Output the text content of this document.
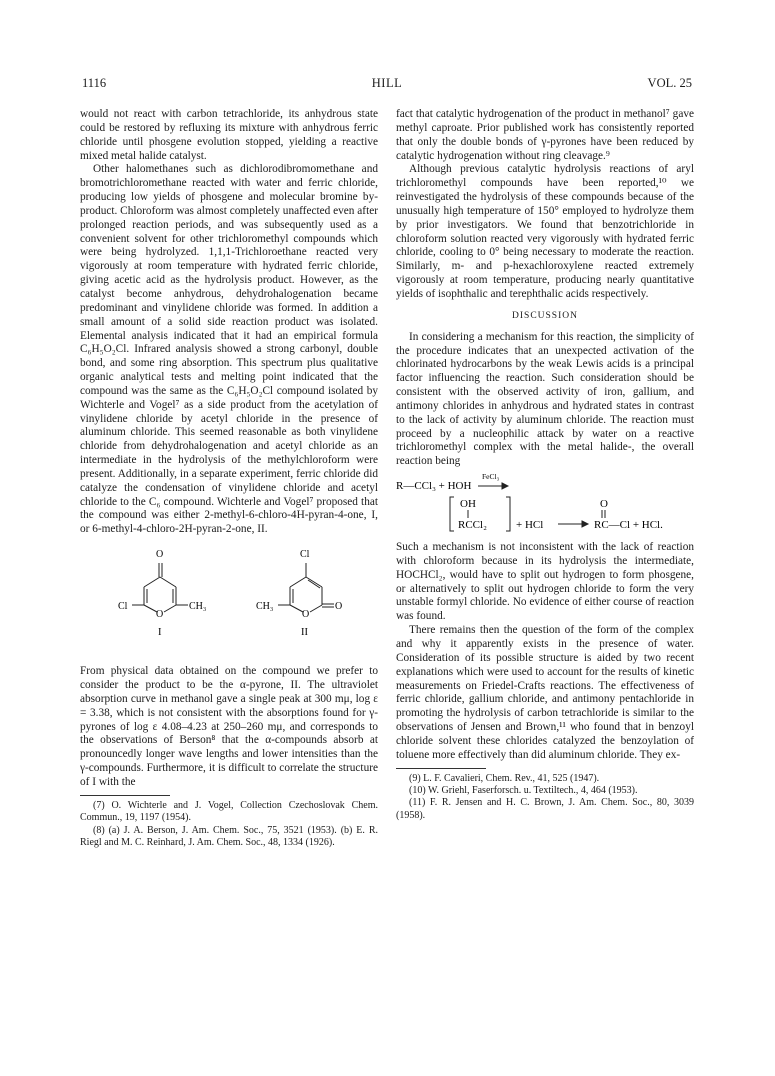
1116	HILL	VOL. 25

would not react with carbon tetrachloride, its anhydrous state could be restored by refluxing its mixture with anhydrous ferric chloride until phosgene evolution stopped, yielding a reactive mixed metal halide catalyst.

Other halomethanes such as dichlorodibromomethane and bromotrichloromethane reacted with water and ferric chloride, producing low yields of phosgene and molecular bromine by-product. Chloroform was almost completely unaffected even after prolonged reaction periods, and was subsequently used as a convenient solvent for other trichloromethyl compounds which were being hydrolyzed. 1,1,1-Trichloroethane reacted very vigorously at room temperature with hydrated ferric chloride, giving acetic acid as the hydrolysis product. However, as the catalyst become anhydrous, dehydrohalogenation became predominant and vinylidene chloride was formed. In addition a small amount of a solid side reaction product was isolated. Elemental analysis indicated that it had an empirical formula C₆H₅O₂Cl. Infrared analysis showed a strong carbonyl, double bond, and some ring absorption. This spectrum plus qualitative organic analytical tests and melting point indicated that the compound was the same as the C₆H₅O₂Cl compound isolated by Wichterle and Vogel⁷ as a side product from the acetylation of vinylidene chloride by acetyl chloride in the presence of aluminum chloride. This seemed reasonable as both vinylidene chloride from dehydrohalogenation and acetyl chloride as an intermediate in the hydrolysis of the methylchloroform were present. Additionally, in a separate experiment, ferric chloride did catalyze the condensation of vinylidene chloride and acetyl chloride to the C₆ compound. Wichterle and Vogel⁷ proposed that the compound was either 2-methyl-6-chloro-4H-pyran-4-one, I, or 6-methyl-4-chloro-2H-pyran-2-one, II.

O
Cl
O
CH₃
I
Cl
CH₃
O
O
II

From physical data obtained on the compound we prefer to consider the product to be the α-pyrone, II. The ultraviolet absorption curve in methanol gave a single peak at 300 mμ, log ε = 3.38, which is not consistent with the absorptions found for γ-pyrones of log ε 4.08–4.23 at 250–260 mμ, and corresponds to the observations of Berson⁸ that the α-compounds absorb at pronouncedly longer wave lengths and lower intensities than the γ-compounds. Furthermore, it is difficult to correlate the structure of I with the

(7) O. Wichterle and J. Vogel, Collection Czechoslovak Chem. Commun., 19, 1197 (1954).

(8) (a) J. A. Berson, J. Am. Chem. Soc., 75, 3521 (1953). (b) E. R. Riegl and M. C. Reinhard, J. Am. Chem. Soc., 48, 1334 (1926).

fact that catalytic hydrogenation of the product in methanol⁷ gave methyl caproate. Prior published work has consistently reported that only the double bonds of γ-pyrones have been reduced by catalytic hydrogenation without ring cleavage.⁹

Although previous catalytic hydrolysis reactions of aryl trichloromethyl compounds have been reported,¹⁰ we reinvestigated the hydrolysis of these compounds because of the unusually high temperature of 150° employed to hydrolyze them by prior investigators. We found that benzotrichloride in chloroform solution reacted very vigorously with hydrated ferric chloride, cooling to 0° being necessary to moderate the reaction. Similarly, m- and p-hexachloroxylene reacted extremely vigorously at room temperature, producing nearly quantitative yields of isophthalic and terephthalic acids respectively.

DISCUSSION

In considering a mechanism for this reaction, the simplicity of the procedure indicates that an unexpected activation of the chlorinated hydrocarbons by the weak Lewis acids is a principal factor influencing the reaction. Such consideration should be consistent with the observed activity of iron, gallium, and antimony chlorides in anhydrous and hydrated states in contrast to the lack of activity by aluminum chloride. The reaction must proceed by a nucleophilic attack by water on a reactive trichloromethyl complex with the metal halide-, the overall reaction being

R—CCl₃ + HOH
FeCl₃
OH
RCCl₂	+ HCl
O
RC—Cl + HCl.

Such a mechanism is not inconsistent with the lack of reaction with chloroform because in its hydrolysis the intermediate, HOCHCl₂, would have to split out hydrogen to form phosgene, or alternatively to split out hydrogen chloride to form the very unstable formyl chloride. No evidence of either course of reaction was found.

There remains then the question of the form of the complex and why it apparently exists in the presence of water. Consideration of its possible structure is aided by two recent explanations which were used to account for the results of kinetic measurements on Friedel-Crafts reactions. The effectiveness of ferric chloride, gallium chloride, and antimony pentachloride in promoting the hydrolysis of carbon tetrachloride is similar to the observations of Jensen and Brown,¹¹ who found that in benzoyl chloride solvent these chlorides catalyzed the benzoylation of toluene more effectively than did aluminum chloride. They ex-

(9) L. F. Cavalieri, Chem. Rev., 41, 525 (1947).

(10) W. Griehl, Faserforsch. u. Textiltech., 4, 464 (1953).

(11) F. R. Jensen and H. C. Brown, J. Am. Chem. Soc., 80, 3039 (1958).
